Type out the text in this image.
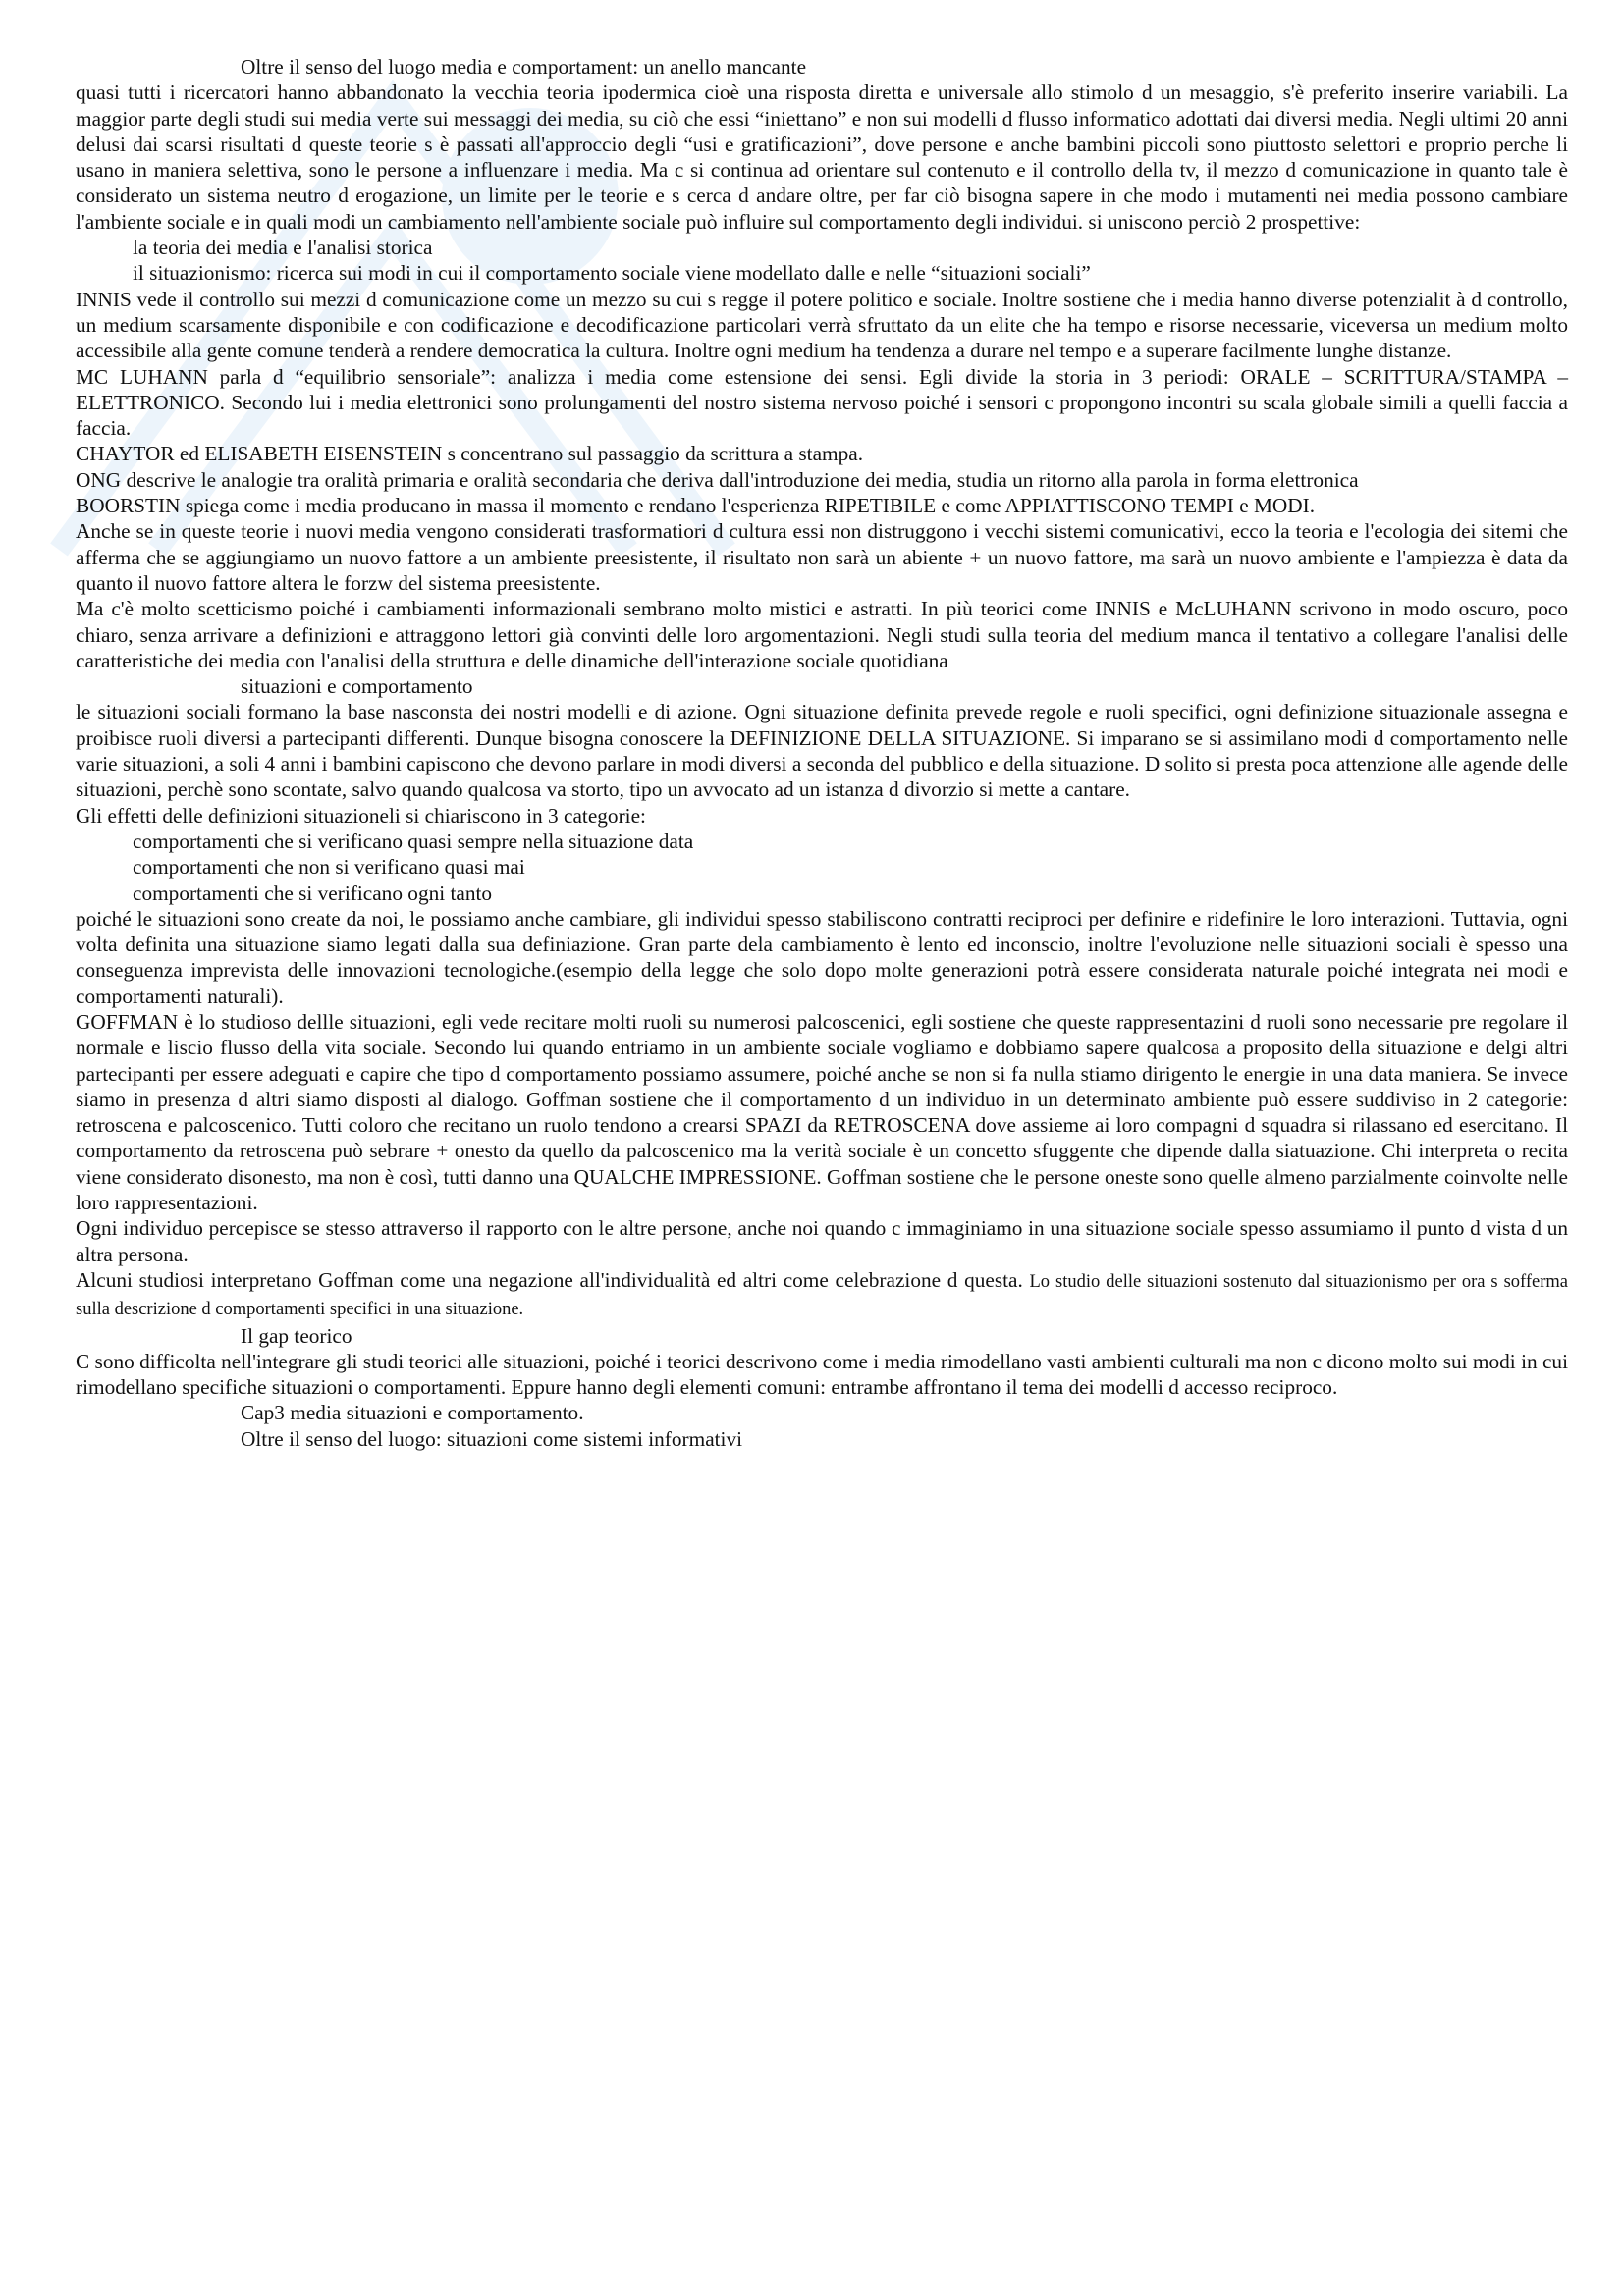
Oltre il senso del luogo media e comportament: un anello mancante

quasi tutti i ricercatori hanno abbandonato la vecchia teoria ipodermica cioè una risposta diretta e universale allo stimolo d un mesaggio, s'è preferito inserire variabili. La maggior parte degli studi sui media verte sui messaggi dei media, su ciò che essi “iniettano” e non sui modelli d flusso informatico adottati dai diversi media. Negli ultimi 20 anni delusi dai scarsi risultati d queste teorie s è passati all'approccio degli “usi e gratificazioni”, dove persone e anche bambini piccoli sono piuttosto selettori e proprio perche li usano in maniera selettiva, sono le persone a influenzare i media. Ma c si continua ad orientare sul contenuto e il controllo della tv, il mezzo d comunicazione in quanto tale è considerato un sistema neutro d erogazione, un limite per le teorie e s cerca d andare oltre, per far ciò bisogna sapere in che modo i mutamenti nei media possono cambiare l'ambiente sociale e in quali modi un cambiamento nell'ambiente sociale può influire sul comportamento degli individui. si uniscono perciò 2 prospettive:

la teoria dei media e l'analisi storica

il situazionismo: ricerca sui modi in cui il comportamento sociale viene modellato dalle e nelle “situazioni sociali”

INNIS vede il controllo sui mezzi d comunicazione come un mezzo su cui s regge il potere politico e sociale. Inoltre sostiene che i media hanno diverse potenzialit à d controllo, un medium scarsamente disponibile e con codificazione e decodificazione particolari verrà sfruttato da un elite che ha tempo e risorse necessarie, viceversa un medium molto accessibile alla gente comune tenderà a rendere democratica la cultura. Inoltre ogni medium ha tendenza a durare nel tempo e a superare facilmente lunghe distanze.

MC LUHANN parla d “equilibrio sensoriale”: analizza i media come estensione dei sensi. Egli divide la storia in 3 periodi: ORALE – SCRITTURA/STAMPA – ELETTRONICO. Secondo lui i media elettronici sono prolungamenti del nostro sistema nervoso poiché i sensori c propongono incontri su scala globale simili a quelli faccia a faccia.

CHAYTOR ed ELISABETH EISENSTEIN s concentrano sul passaggio da scrittura a stampa.

ONG descrive le analogie tra oralità primaria e oralità secondaria che deriva dall'introduzione dei media, studia un ritorno alla parola in forma elettronica

BOORSTIN spiega come i media producano in massa il momento e rendano l'esperienza RIPETIBILE e come APPIATTISCONO TEMPI e MODI.

Anche se in queste teorie i nuovi media vengono considerati trasformatiori d cultura essi non distruggono i vecchi sistemi comunicativi, ecco la teoria e l'ecologia dei sitemi che afferma che se aggiungiamo un nuovo fattore a un ambiente preesistente, il risultato non sarà un abiente + un nuovo fattore, ma sarà un nuovo ambiente e l'ampiezza è data da quanto il nuovo fattore altera le forzw del sistema preesistente.

Ma c'è molto scetticismo poiché i cambiamenti informazionali sembrano molto mistici e astratti. In più teorici come INNIS e McLUHANN scrivono in modo oscuro, poco chiaro, senza arrivare a definizioni e attraggono lettori già convinti delle loro argomentazioni. Negli studi sulla teoria del medium manca il tentativo a collegare l'analisi delle caratteristiche dei media con l'analisi della struttura e delle dinamiche dell'interazione sociale quotidiana

situazioni e comportamento

le situazioni sociali formano la base nasconsta dei nostri modelli e di azione. Ogni situazione definita prevede regole e ruoli specifici, ogni definizione situazionale assegna e proibisce ruoli diversi a partecipanti differenti. Dunque bisogna conoscere la DEFINIZIONE DELLA SITUAZIONE. Si imparano se si assimilano modi d comportamento nelle varie situazioni, a soli 4 anni i bambini capiscono che devono parlare in modi diversi a seconda del pubblico e della situazione. D solito si presta poca attenzione alle agende delle situazioni, perchè sono scontate, salvo quando qualcosa va storto, tipo un avvocato ad un istanza d divorzio si mette a cantare.

Gli effetti delle definizioni situazioneli si chiariscono in 3 categorie:

comportamenti che si verificano quasi sempre nella situazione data

comportamenti che non si verificano quasi mai

comportamenti che si verificano ogni tanto

poiché le situazioni sono create da noi, le possiamo anche cambiare, gli individui spesso stabiliscono contratti reciproci per definire e ridefinire le loro interazioni. Tuttavia, ogni volta definita una situazione siamo legati dalla sua definiazione. Gran parte dela cambiamento è lento ed inconscio, inoltre l'evoluzione nelle situazioni sociali è spesso una conseguenza imprevista delle innovazioni tecnologiche.(esempio della legge che solo dopo molte generazioni potrà essere considerata naturale poiché integrata nei modi e comportamenti naturali).

GOFFMAN è lo studioso dellle situazioni, egli vede recitare molti ruoli su numerosi palcoscenici, egli sostiene che queste rappresentazini d ruoli sono necessarie pre regolare il normale e liscio flusso della vita sociale. Secondo lui quando entriamo in un ambiente sociale vogliamo e dobbiamo sapere qualcosa a proposito della situazione e delgi altri partecipanti per essere adeguati e capire che tipo d comportamento possiamo assumere, poiché anche se non si fa nulla stiamo dirigento le energie in una data maniera. Se invece siamo in presenza d altri siamo disposti al dialogo. Goffman sostiene che il comportamento d un individuo in un determinato ambiente può essere suddiviso in 2 categorie: retroscena e palcoscenico. Tutti coloro che recitano un ruolo tendono a crearsi SPAZI da RETROSCENA dove assieme ai loro compagni d squadra si rilassano ed esercitano. Il comportamento da retroscena può sebrare + onesto da quello da palcoscenico ma la verità sociale è un concetto sfuggente che dipende dalla siatuazione. Chi interpreta o recita viene considerato disonesto, ma non è così, tutti danno una QUALCHE IMPRESSIONE. Goffman sostiene che le persone oneste sono quelle almeno parzialmente coinvolte nelle loro rappresentazioni.

Ogni individuo percepisce se stesso attraverso il rapporto con le altre persone, anche noi quando c immaginiamo in una situazione sociale spesso assumiamo il punto d vista d un altra persona.

Alcuni studiosi interpretano Goffman come una negazione all'individualità ed altri come celebrazione d questa. Lo studio delle situazioni sostenuto dal situazionismo per ora s sofferma sulla descrizione d comportamenti specifici in una situazione.

Il gap teorico

C sono difficolta nell'integrare gli studi teorici alle situazioni, poiché i teorici descrivono come i media rimodellano vasti ambienti culturali ma non c dicono molto sui modi in cui rimodellano specifiche situazioni o comportamenti. Eppure hanno degli elementi comuni: entrambe affrontano il tema dei modelli d accesso reciproco.

Cap3 media situazioni e comportamento.

Oltre il senso del luogo: situazioni come sistemi informativi
